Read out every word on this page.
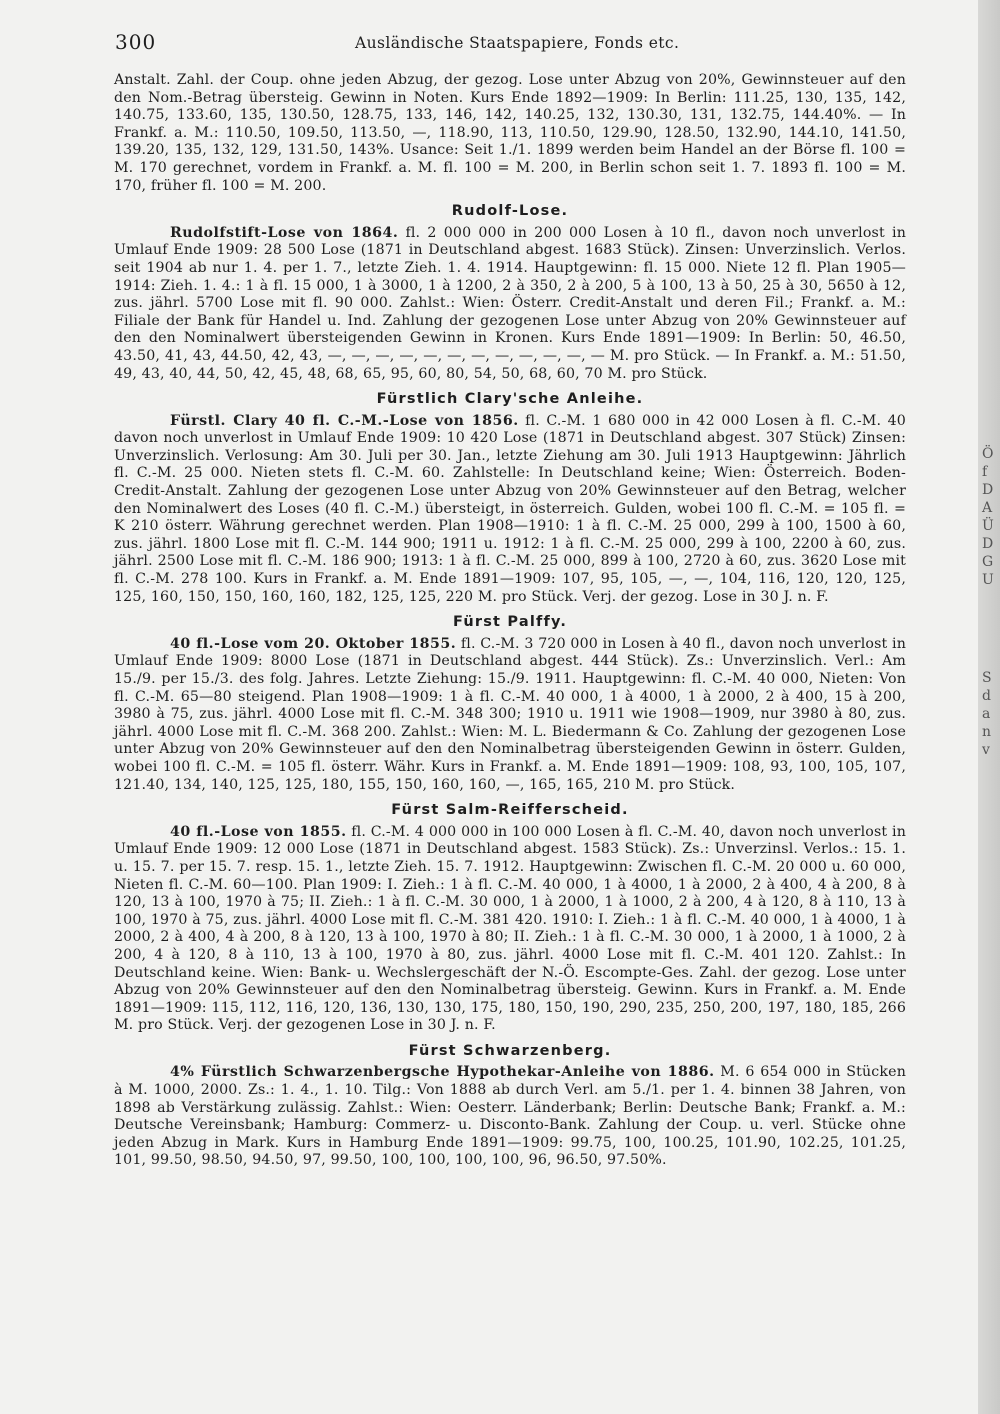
300	Ausländische Staatspapiere, Fonds etc.

Anstalt. Zahl. der Coup. ohne jeden Abzug, der gezog. Lose unter Abzug von 20%, Gewinnsteuer auf den den Nom.-Betrag übersteig. Gewinn in Noten. Kurs Ende 1892—1909: In Berlin: 111.25, 130, 135, 142, 140.75, 133.60, 135, 130.50, 128.75, 133, 146, 142, 140.25, 132, 130.30, 131, 132.75, 144.40%. — In Frankf. a. M.: 110.50, 109.50, 113.50, —, 118.90, 113, 110.50, 129.90, 128.50, 132.90, 144.10, 141.50, 139.20, 135, 132, 129, 131.50, 143%. Usance: Seit 1./1. 1899 werden beim Handel an der Börse fl. 100 = M. 170 gerechnet, vordem in Frankf. a. M. fl. 100 = M. 200, in Berlin schon seit 1. 7. 1893 fl. 100 = M. 170, früher fl. 100 = M. 200.

Rudolf-Lose.

Rudolfstift-Lose von 1864. fl. 2 000 000 in 200 000 Losen à 10 fl., davon noch unverlost in Umlauf Ende 1909: 28 500 Lose (1871 in Deutschland abgest. 1683 Stück). Zinsen: Unverzinslich. Verlos. seit 1904 ab nur 1. 4. per 1. 7., letzte Zieh. 1. 4. 1914. Hauptgewinn: fl. 15 000. Niete 12 fl. Plan 1905—1914: Zieh. 1. 4.: 1 à fl. 15 000, 1 à 3000, 1 à 1200, 2 à 350, 2 à 200, 5 à 100, 13 à 50, 25 à 30, 5650 à 12, zus. jährl. 5700 Lose mit fl. 90 000. Zahlst.: Wien: Österr. Credit-Anstalt und deren Fil.; Frankf. a. M.: Filiale der Bank für Handel u. Ind. Zahlung der gezogenen Lose unter Abzug von 20% Gewinnsteuer auf den den Nominalwert übersteigenden Gewinn in Kronen. Kurs Ende 1891—1909: In Berlin: 50, 46.50, 43.50, 41, 43, 44.50, 42, 43, —, —, —, —, —, —, —, —, —, —, —, — M. pro Stück. — In Frankf. a. M.: 51.50, 49, 43, 40, 44, 50, 42, 45, 48, 68, 65, 95, 60, 80, 54, 50, 68, 60, 70 M. pro Stück.

Fürstlich Clary'sche Anleihe.

Fürstl. Clary 40 fl. C.-M.-Lose von 1856. fl. C.-M. 1 680 000 in 42 000 Losen à fl. C.-M. 40 davon noch unverlost in Umlauf Ende 1909: 10 420 Lose (1871 in Deutschland abgest. 307 Stück) Zinsen: Unverzinslich. Verlosung: Am 30. Juli per 30. Jan., letzte Ziehung am 30. Juli 1913 Hauptgewinn: Jährlich fl. C.-M. 25 000. Nieten stets fl. C.-M. 60. Zahlstelle: In Deutschland keine; Wien: Österreich. Boden-Credit-Anstalt. Zahlung der gezogenen Lose unter Abzug von 20% Gewinnsteuer auf den Betrag, welcher den Nominalwert des Loses (40 fl. C.-M.) übersteigt, in österreich. Gulden, wobei 100 fl. C.-M. = 105 fl. = K 210 österr. Währung gerechnet werden. Plan 1908—1910: 1 à fl. C.-M. 25 000, 299 à 100, 1500 à 60, zus. jährl. 1800 Lose mit fl. C.-M. 144 900; 1911 u. 1912: 1 à fl. C.-M. 25 000, 299 à 100, 2200 à 60, zus. jährl. 2500 Lose mit fl. C.-M. 186 900; 1913: 1 à fl. C.-M. 25 000, 899 à 100, 2720 à 60, zus. 3620 Lose mit fl. C.-M. 278 100. Kurs in Frankf. a. M. Ende 1891—1909: 107, 95, 105, —, —, 104, 116, 120, 120, 125, 125, 160, 150, 150, 160, 160, 182, 125, 125, 220 M. pro Stück. Verj. der gezog. Lose in 30 J. n. F.

Fürst Palffy.

40 fl.-Lose vom 20. Oktober 1855. fl. C.-M. 3 720 000 in Losen à 40 fl., davon noch unverlost in Umlauf Ende 1909: 8000 Lose (1871 in Deutschland abgest. 444 Stück). Zs.: Unverzinslich. Verl.: Am 15./9. per 15./3. des folg. Jahres. Letzte Ziehung: 15./9. 1911. Hauptgewinn: fl. C.-M. 40 000, Nieten: Von fl. C.-M. 65—80 steigend. Plan 1908—1909: 1 à fl. C.-M. 40 000, 1 à 4000, 1 à 2000, 2 à 400, 15 à 200, 3980 à 75, zus. jährl. 4000 Lose mit fl. C.-M. 348 300; 1910 u. 1911 wie 1908—1909, nur 3980 à 80, zus. jährl. 4000 Lose mit fl. C.-M. 368 200. Zahlst.: Wien: M. L. Biedermann & Co. Zahlung der gezogenen Lose unter Abzug von 20% Gewinnsteuer auf den den Nominalbetrag übersteigenden Gewinn in österr. Gulden, wobei 100 fl. C.-M. = 105 fl. österr. Währ. Kurs in Frankf. a. M. Ende 1891—1909: 108, 93, 100, 105, 107, 121.40, 134, 140, 125, 125, 180, 155, 150, 160, 160, —, 165, 165, 210 M. pro Stück.

Fürst Salm-Reifferscheid.

40 fl.-Lose von 1855. fl. C.-M. 4 000 000 in 100 000 Losen à fl. C.-M. 40, davon noch unverlost in Umlauf Ende 1909: 12 000 Lose (1871 in Deutschland abgest. 1583 Stück). Zs.: Unverzinsl. Verlos.: 15. 1. u. 15. 7. per 15. 7. resp. 15. 1., letzte Zieh. 15. 7. 1912. Hauptgewinn: Zwischen fl. C.-M. 20 000 u. 60 000, Nieten fl. C.-M. 60—100. Plan 1909: I. Zieh.: 1 à fl. C.-M. 40 000, 1 à 4000, 1 à 2000, 2 à 400, 4 à 200, 8 à 120, 13 à 100, 1970 à 75; II. Zieh.: 1 à fl. C.-M. 30 000, 1 à 2000, 1 à 1000, 2 à 200, 4 à 120, 8 à 110, 13 à 100, 1970 à 75, zus. jährl. 4000 Lose mit fl. C.-M. 381 420. 1910: I. Zieh.: 1 à fl. C.-M. 40 000, 1 à 4000, 1 à 2000, 2 à 400, 4 à 200, 8 à 120, 13 à 100, 1970 à 80; II. Zieh.: 1 à fl. C.-M. 30 000, 1 à 2000, 1 à 1000, 2 à 200, 4 à 120, 8 à 110, 13 à 100, 1970 à 80, zus. jährl. 4000 Lose mit fl. C.-M. 401 120. Zahlst.: In Deutschland keine. Wien: Bank- u. Wechslergeschäft der N.-Ö. Escompte-Ges. Zahl. der gezog. Lose unter Abzug von 20% Gewinnsteuer auf den den Nominalbetrag übersteig. Gewinn. Kurs in Frankf. a. M. Ende 1891—1909: 115, 112, 116, 120, 136, 130, 130, 175, 180, 150, 190, 290, 235, 250, 200, 197, 180, 185, 266 M. pro Stück. Verj. der gezogenen Lose in 30 J. n. F.

Fürst Schwarzenberg.

4% Fürstlich Schwarzenbergsche Hypothekar-Anleihe von 1886. M. 6 654 000 in Stücken à M. 1000, 2000. Zs.: 1. 4., 1. 10. Tilg.: Von 1888 ab durch Verl. am 5./1. per 1. 4. binnen 38 Jahren, von 1898 ab Verstärkung zulässig. Zahlst.: Wien: Oesterr. Länderbank; Berlin: Deutsche Bank; Frankf. a. M.: Deutsche Vereinsbank; Hamburg: Commerz- u. Disconto-Bank. Zahlung der Coup. u. verl. Stücke ohne jeden Abzug in Mark. Kurs in Hamburg Ende 1891—1909: 99.75, 100, 100.25, 101.90, 102.25, 101.25, 101, 99.50, 98.50, 94.50, 97, 99.50, 100, 100, 100, 100, 96, 96.50, 97.50%.

Ö
f
D
A
Ü
D
G
U
S
d
a
n
v
